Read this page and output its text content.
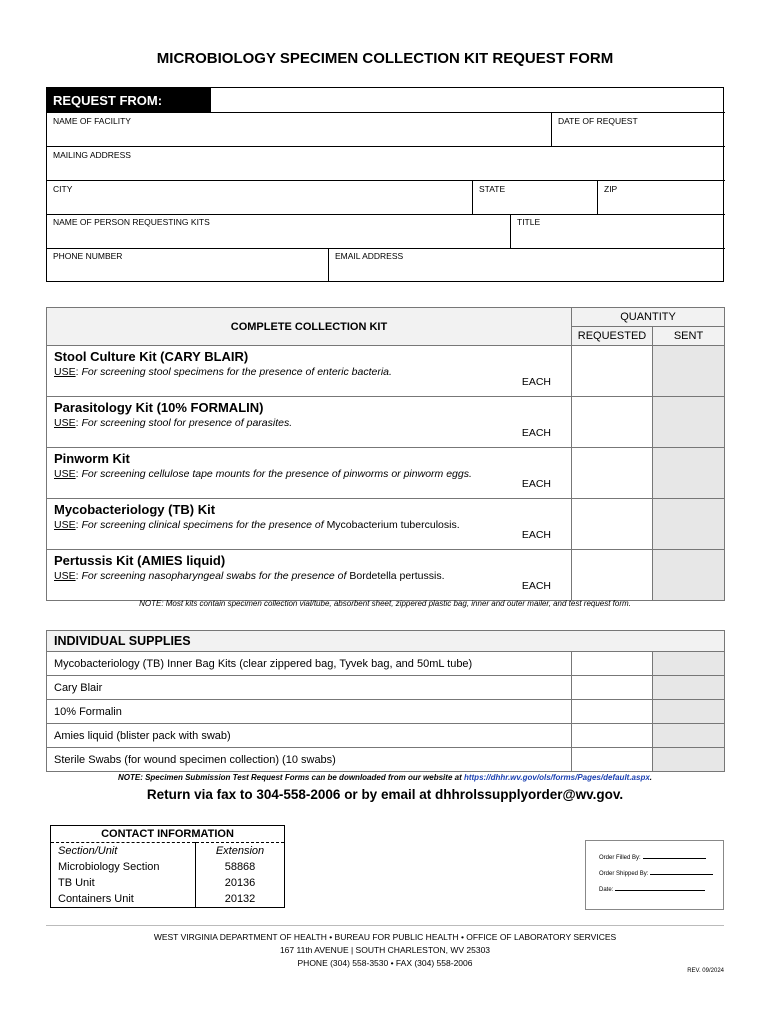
MICROBIOLOGY SPECIMEN COLLECTION KIT REQUEST FORM
REQUEST FROM:
NAME OF FACILITY	DATE OF REQUEST
MAILING ADDRESS
CITY	STATE	ZIP
NAME OF PERSON REQUESTING KITS	TITLE
PHONE NUMBER	EMAIL ADDRESS
COMPLETE COLLECTION KIT	QUANTITY	
	REQUESTED	SENT

Stool Culture Kit (CARY BLAIR)
USE: For screening stool specimens for the presence of enteric bacteria.
EACH		

Parasitology Kit (10% FORMALIN)
USE: For screening stool for presence of parasites.
EACH		

Pinworm Kit
USE: For screening cellulose tape mounts for the presence of pinworms or pinworm eggs.
EACH		

Mycobacteriology (TB) Kit
USE: For screening clinical specimens for the presence of Mycobacterium tuberculosis.
EACH		

Pertussis Kit (AMIES liquid)
USE: For screening nasopharyngeal swabs for the presence of Bordetella pertussis.
EACH		

NOTE: Most kits contain specimen collection vial/tube, absorbent sheet, zippered plastic bag, inner and outer mailer, and test request form.
INDIVIDUAL SUPPLIES		
Mycobacteriology (TB) Inner Bag Kits (clear zippered bag, Tyvek bag, and 50mL tube)		
Cary Blair		
10% Formalin		
Amies liquid (blister pack with swab)		
Sterile Swabs (for wound specimen collection) (10 swabs)		
NOTE: Specimen Submission Test Request Forms can be downloaded from our website at https://dhhr.wv.gov/ols/forms/Pages/default.aspx.
Return via fax to 304-558-2006 or by email at dhhrolssupplyorder@wv.gov.
CONTACT INFORMATION	
Section/Unit	Extension
Microbiology Section	58868
TB Unit	20136
Containers Unit	20132
Order Filled By:
Order Shipped By:
Date:
WEST VIRGINIA DEPARTMENT OF HEALTH • BUREAU FOR PUBLIC HEALTH • OFFICE OF LABORATORY SERVICES
167 11th AVENUE | SOUTH CHARLESTON, WV 25303
PHONE (304) 558-3530 • FAX (304) 558-2006
REV. 09/2024
